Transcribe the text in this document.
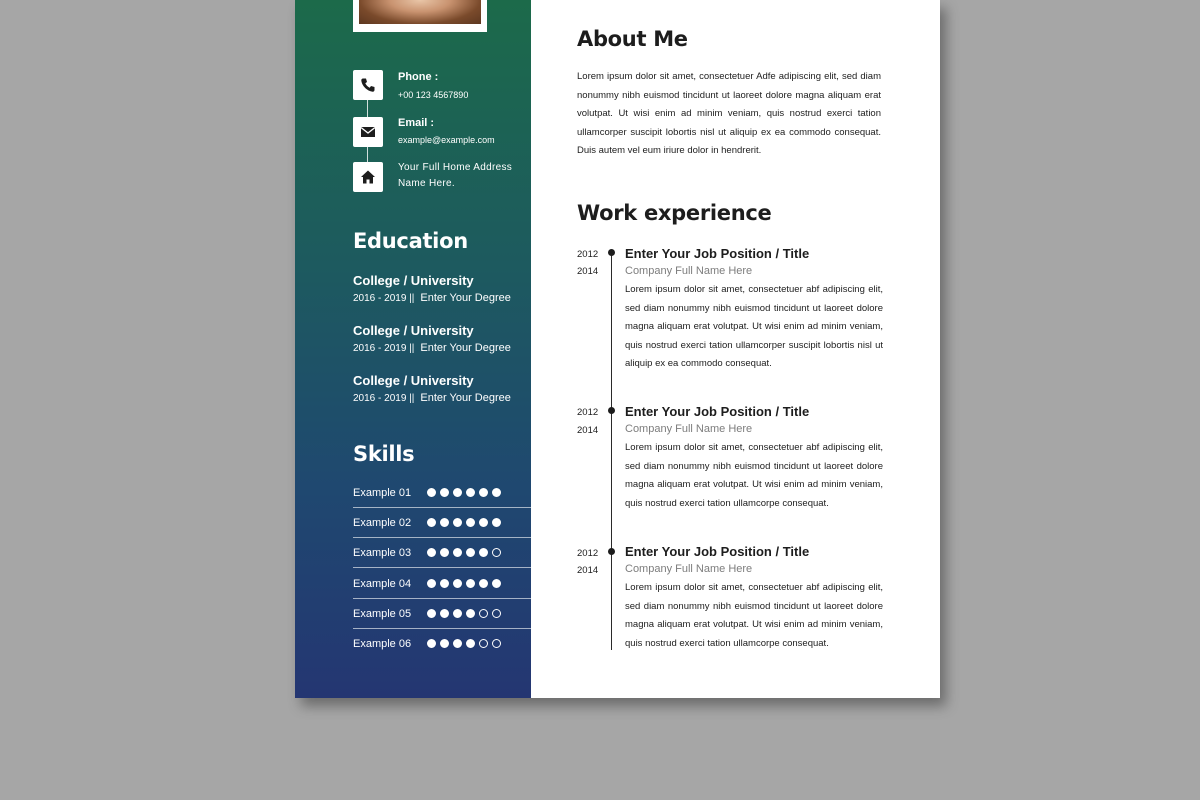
Phone :
+00 123 4567890
Email :
example@example.com
Your Full Home Address
Name Here.
Education
College / University
2016 - 2019 || Enter Your Degree
College / University
2016 - 2019 || Enter Your Degree
College / University
2016 - 2019 || Enter Your Degree
Skills
Example 01
Example 02
Example 03
Example 04
Example 05
Example 06
About Me
Lorem ipsum dolor sit amet, consectetuer Adfe adipiscing elit, sed diam nonummy nibh euismod tincidunt ut laoreet dolore magna aliquam erat volutpat. Ut wisi enim ad minim veniam, quis nostrud exerci tation ullamcorper suscipit lobortis nisl ut aliquip ex ea commodo consequat. Duis autem vel eum iriure dolor in hendrerit.
Work experience
2012
2014
Enter Your Job Position / Title
Company Full Name Here
Lorem ipsum dolor sit amet, consectetuer abf adipiscing elit, sed diam nonummy nibh euismod tincidunt ut laoreet dolore magna aliquam erat volutpat. Ut wisi enim ad minim veniam, quis nostrud exerci tation ullamcorper suscipit lobortis nisl ut aliquip ex ea commodo consequat.
2012
2014
Enter Your Job Position / Title
Company Full Name Here
Lorem ipsum dolor sit amet, consectetuer abf adipiscing elit, sed diam nonummy nibh euismod tincidunt ut laoreet dolore magna aliquam erat volutpat. Ut wisi enim ad minim veniam, quis nostrud exerci tation ullamcorpe consequat.
2012
2014
Enter Your Job Position / Title
Company Full Name Here
Lorem ipsum dolor sit amet, consectetuer abf adipiscing elit, sed diam nonummy nibh euismod tincidunt ut laoreet dolore magna aliquam erat volutpat. Ut wisi enim ad minim veniam, quis nostrud exerci tation ullamcorpe consequat.
